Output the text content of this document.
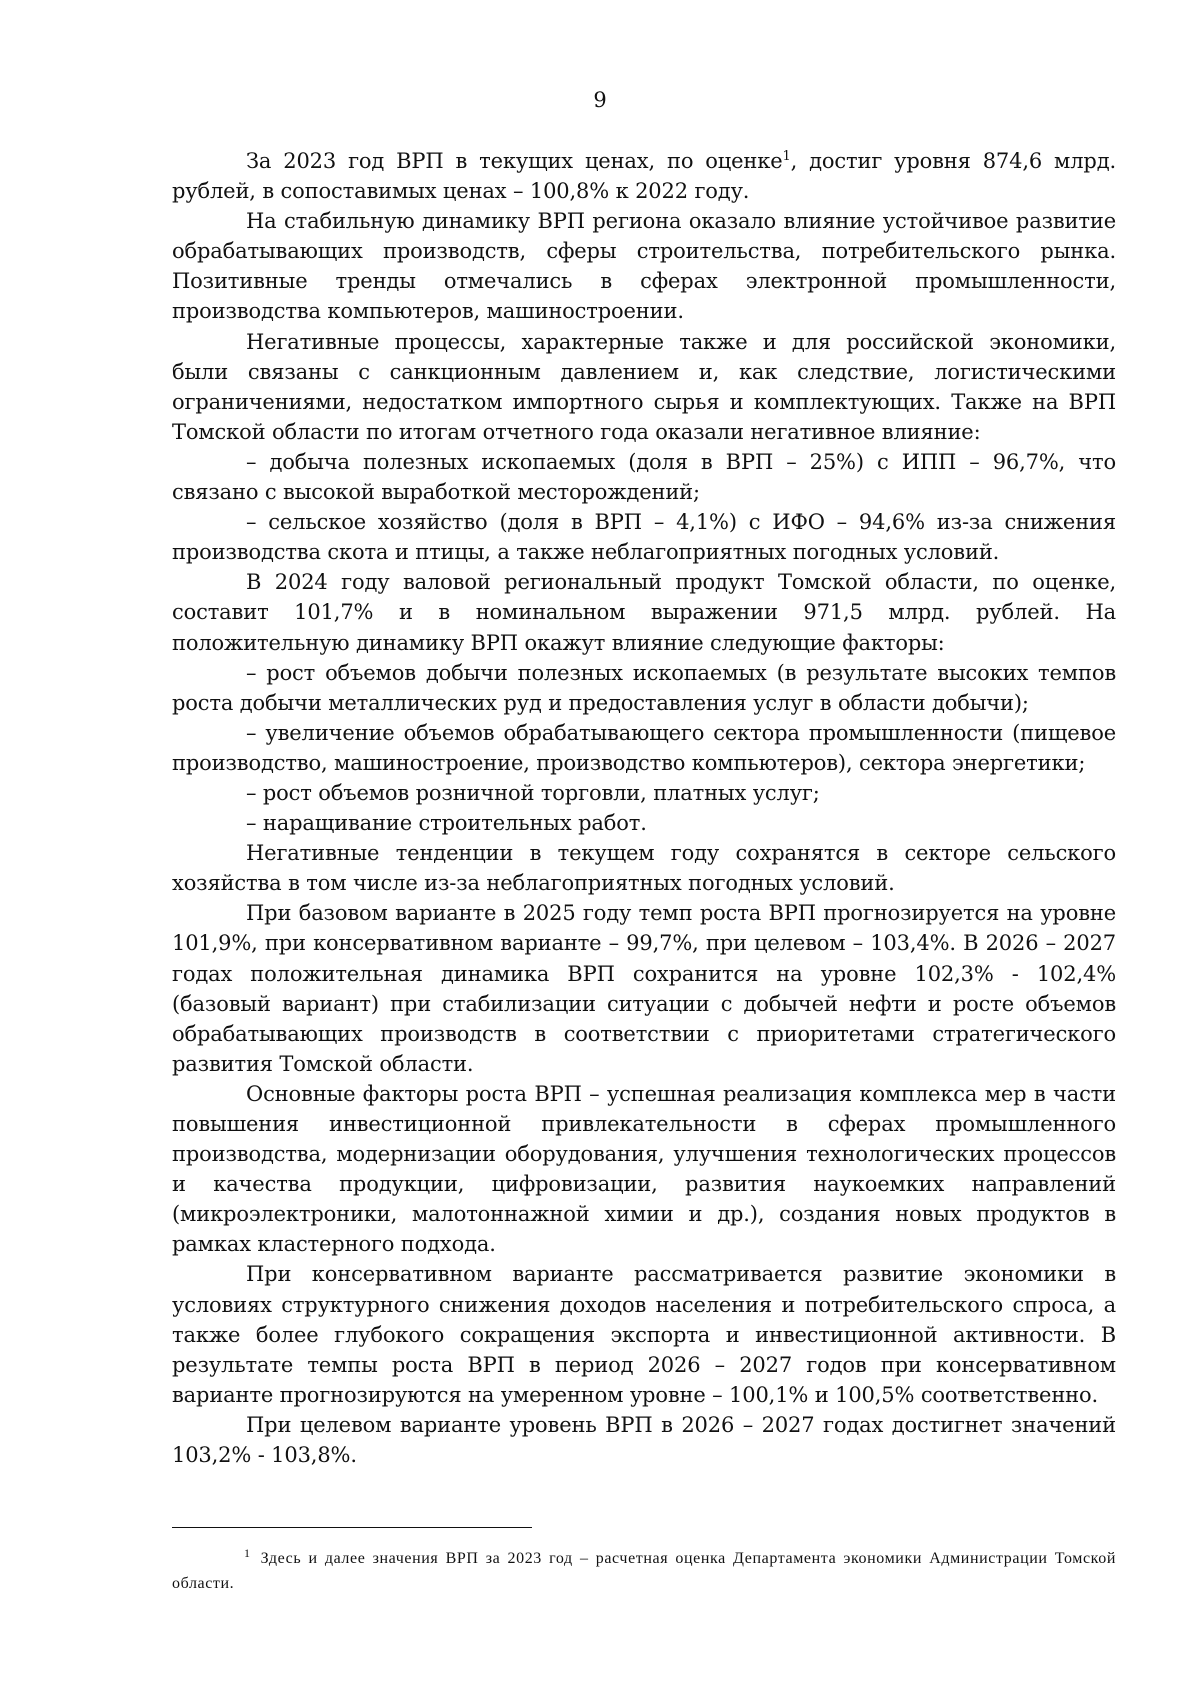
9

За 2023 год ВРП в текущих ценах, по оценке$^1$, достиг уровня 874,6 млрд. рублей, в сопоставимых ценах – 100,8% к 2022 году.

На стабильную динамику ВРП региона оказало влияние устойчивое развитие обрабатывающих производств, сферы строительства, потребительского рынка. Позитивные тренды отмечались в сферах электронной промышленности, производства компьютеров, машиностроении.

Негативные процессы, характерные также и для российской экономики, были связаны с санкционным давлением и, как следствие, логистическими ограничениями, недостатком импортного сырья и комплектующих. Также на ВРП Томской области по итогам отчетного года оказали негативное влияние:

– добыча полезных ископаемых (доля в ВРП – 25%) с ИПП – 96,7%, что связано с высокой выработкой месторождений;

– сельское хозяйство (доля в ВРП – 4,1%) с ИФО – 94,6% из-за снижения производства скота и птицы, а также неблагоприятных погодных условий.

В 2024 году валовой региональный продукт Томской области, по оценке, составит 101,7% и в номинальном выражении 971,5 млрд. рублей. На положительную динамику ВРП окажут влияние следующие факторы:

– рост объемов добычи полезных ископаемых (в результате высоких темпов роста добычи металлических руд и предоставления услуг в области добычи);

– увеличение объемов обрабатывающего сектора промышленности (пищевое производство, машиностроение, производство компьютеров), сектора энергетики;

– рост объемов розничной торговли, платных услуг;

– наращивание строительных работ.

Негативные тенденции в текущем году сохранятся в секторе сельского хозяйства в том числе из-за неблагоприятных погодных условий.

При базовом варианте в 2025 году темп роста ВРП прогнозируется на уровне 101,9%, при консервативном варианте – 99,7%, при целевом – 103,4%. В 2026 – 2027 годах положительная динамика ВРП сохранится на уровне 102,3% - 102,4% (базовый вариант) при стабилизации ситуации с добычей нефти и росте объемов обрабатывающих производств в соответствии с приоритетами стратегического развития Томской области.

Основные факторы роста ВРП – успешная реализация комплекса мер в части повышения инвестиционной привлекательности в сферах промышленного производства, модернизации оборудования, улучшения технологических процессов и качества продукции, цифровизации, развития наукоемких направлений (микроэлектроники, малотоннажной химии и др.), создания новых продуктов в рамках кластерного подхода.

При консервативном варианте рассматривается развитие экономики в условиях структурного снижения доходов населения и потребительского спроса, а также более глубокого сокращения экспорта и инвестиционной активности. В результате темпы роста ВРП в период 2026 – 2027 годов при консервативном варианте прогнозируются на умеренном уровне – 100,1% и 100,5% соответственно.

При целевом варианте уровень ВРП в 2026 – 2027 годах достигнет значений 103,2% - 103,8%.

$^1$ Здесь и далее значения ВРП за 2023 год – расчетная оценка Департамента экономики Администрации Томской области.
